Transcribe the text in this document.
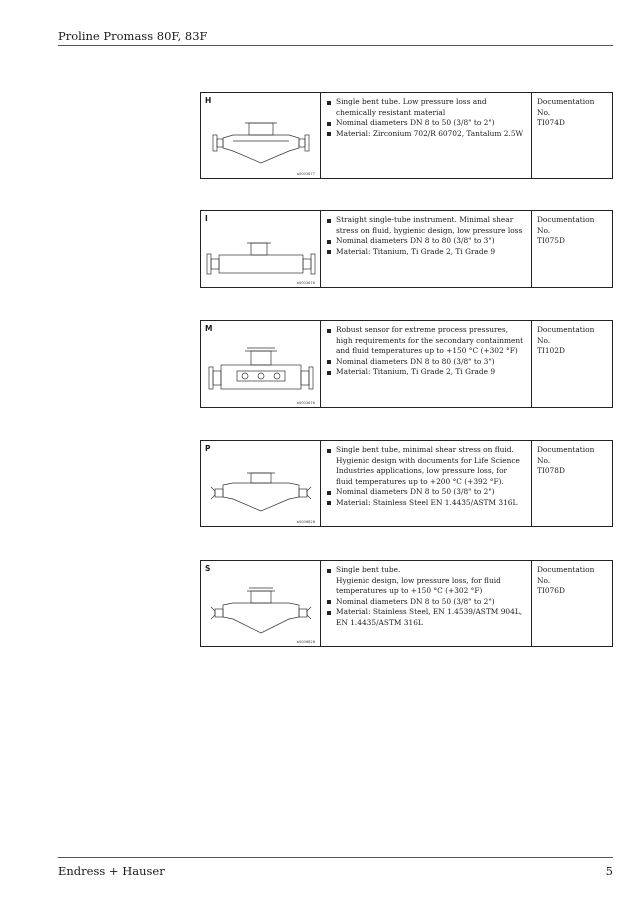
Proline Promass 80F, 83F
H
a0003677
Single bent tube. Low pressure loss and chemically resistant material
Nominal diameters DN 8 to 50 (3/8" to 2")
Material: Zirconium 702/R 60702, Tantalum 2.5W
Documentation No.
TI074D
I
a0003678
Straight single-tube instrument. Minimal shear stress on fluid, hygienic design, low pressure loss
Nominal diameters DN 8 to 80 (3/8" to 3")
Material: Titanium, Ti Grade 2, Ti Grade 9
Documentation No.
TI075D
M
a0003676
Robust sensor for extreme process pressures, high requirements for the secondary containment and fluid temperatures up to +150 °C (+302 °F)
Nominal diameters DN 8 to 80 (3/8" to 3")
Material: Titanium, Ti Grade 2, Ti Grade 9
Documentation No.
TI102D
P
a0006828
Single bent tube, minimal shear stress on fluid. Hygienic design with documents for Life Science Industries applications, low pressure loss, for fluid temperatures up to +200 °C (+392 °F).
Nominal diameters DN 8 to 50 (3/8" to 2")
Material: Stainless Steel EN 1.4435/ASTM 316L
Documentation No.
TI078D
S
a0006828
Single bent tube.
Hygienic design, low pressure loss, for fluid temperatures up to +150 °C (+302 °F)
Nominal diameters DN 8 to 50 (3/8" to 2")
Material: Stainless Steel, EN 1.4539/ASTM 904L,
EN 1.4435/ASTM 316L
Documentation No.
TI076D
Endress + Hauser	5
